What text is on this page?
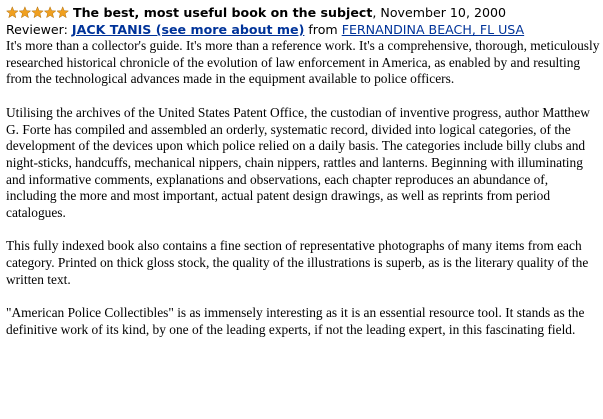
The best, most useful book on the subject, November 10, 2000
Reviewer: JACK TANIS (see more about me) from FERNANDINA BEACH, FL USA

It's more than a collector's guide. It's more than a reference work. It's a comprehensive, thorough, meticulously researched historical chronicle of the evolution of law enforcement in America, as enabled by and resulting from the technological advances made in the equipment available to police officers.

Utilising the archives of the United States Patent Office, the custodian of inventive progress, author Matthew G. Forte has compiled and assembled an orderly, systematic record, divided into logical categories, of the development of the devices upon which police relied on a daily basis. The categories include billy clubs and night-sticks, handcuffs, mechanical nippers, chain nippers, rattles and lanterns. Beginning with illuminating and informative comments, explanations and observations, each chapter reproduces an abundance of, including the more and most important, actual patent design drawings, as well as reprints from period catalogues.

This fully indexed book also contains a fine section of representative photographs of many items from each category. Printed on thick gloss stock, the quality of the illustrations is superb, as is the literary quality of the written text.

"American Police Collectibles" is as immensely interesting as it is an essential resource tool. It stands as the definitive work of its kind, by one of the leading experts, if not the leading expert, in this fascinating field.
